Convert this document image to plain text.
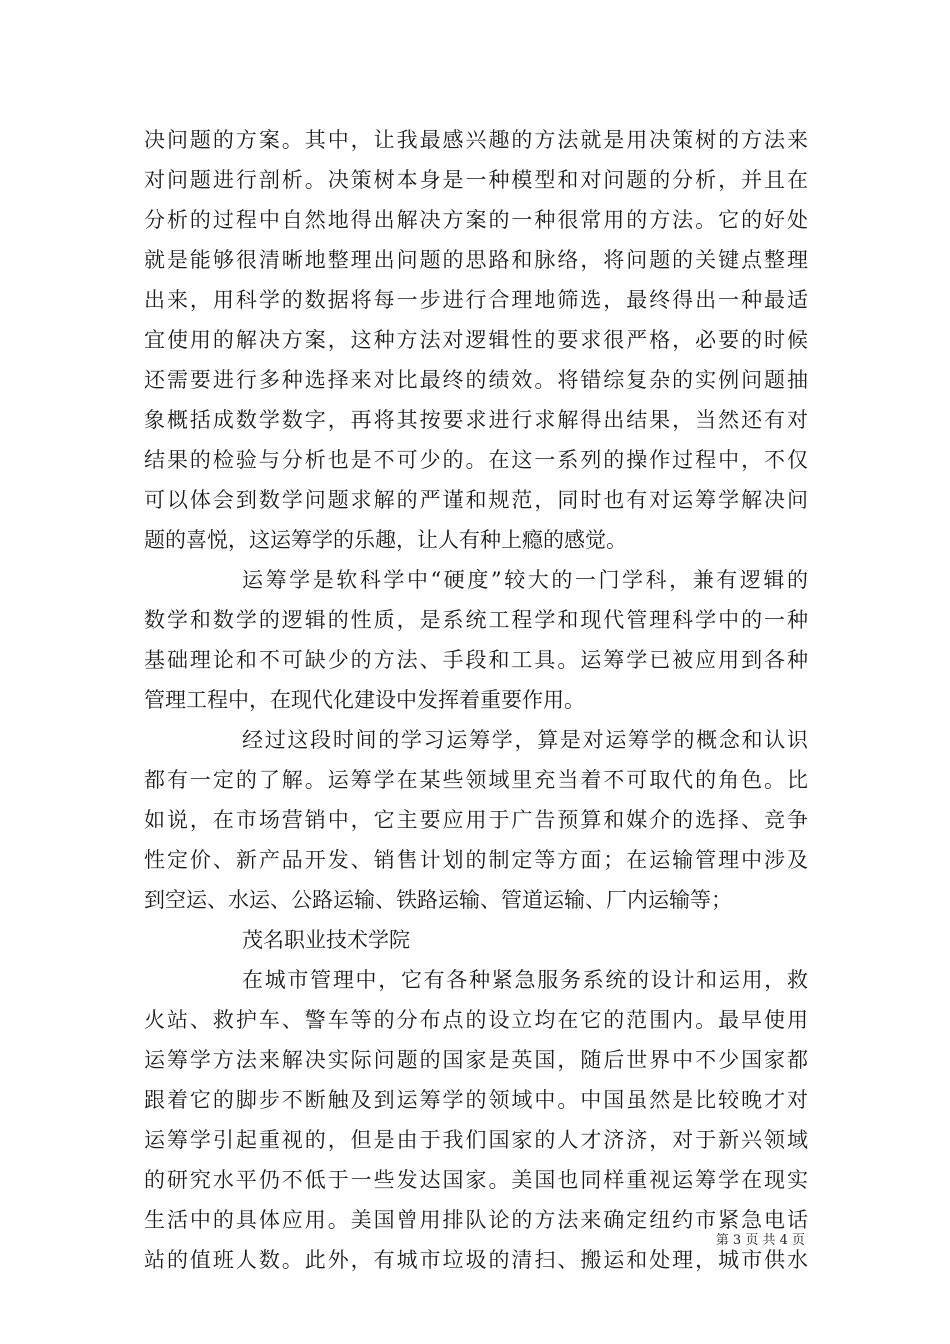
决问题的方案。其中，让我最感兴趣的方法就是用决策树的方法来
对问题进行剖析。决策树本身是一种模型和对问题的分析，并且在
分析的过程中自然地得出解决方案的一种很常用的方法。它的好处
就是能够很清晰地整理出问题的思路和脉络，将问题的关键点整理
出来，用科学的数据将每一步进行合理地筛选，最终得出一种最适
宜使用的解决方案，这种方法对逻辑性的要求很严格，必要的时候
还需要进行多种选择来对比最终的绩效。将错综复杂的实例问题抽
象概括成数学数字，再将其按要求进行求解得出结果，当然还有对
结果的检验与分析也是不可少的。在这一系列的操作过程中，不仅
可以体会到数学问题求解的严谨和规范，同时也有对运筹学解决问
题的喜悦，这运筹学的乐趣，让人有种上瘾的感觉。
运筹学是软科学中“硬度”较大的一门学科，兼有逻辑的
数学和数学的逻辑的性质，是系统工程学和现代管理科学中的一种
基础理论和不可缺少的方法、手段和工具。运筹学已被应用到各种
管理工程中，在现代化建设中发挥着重要作用。
经过这段时间的学习运筹学，算是对运筹学的概念和认识
都有一定的了解。运筹学在某些领域里充当着不可取代的角色。比
如说，在市场营销中，它主要应用于广告预算和媒介的选择、竞争
性定价、新产品开发、销售计划的制定等方面；在运输管理中涉及
到空运、水运、公路运输、铁路运输、管道运输、厂内运输等；
茂名职业技术学院
在城市管理中，它有各种紧急服务系统的设计和运用，救
火站、救护车、警车等的分布点的设立均在它的范围内。最早使用
运筹学方法来解决实际问题的国家是英国，随后世界中不少国家都
跟着它的脚步不断触及到运筹学的领域中。中国虽然是比较晚才对
运筹学引起重视的，但是由于我们国家的人才济济，对于新兴领域
的研究水平仍不低于一些发达国家。美国也同样重视运筹学在现实
生活中的具体应用。美国曾用排队论的方法来确定纽约市紧急电话
站的值班人数。此外，有城市垃圾的清扫、搬运和处理，城市供水
第 3 页 共 4 页
